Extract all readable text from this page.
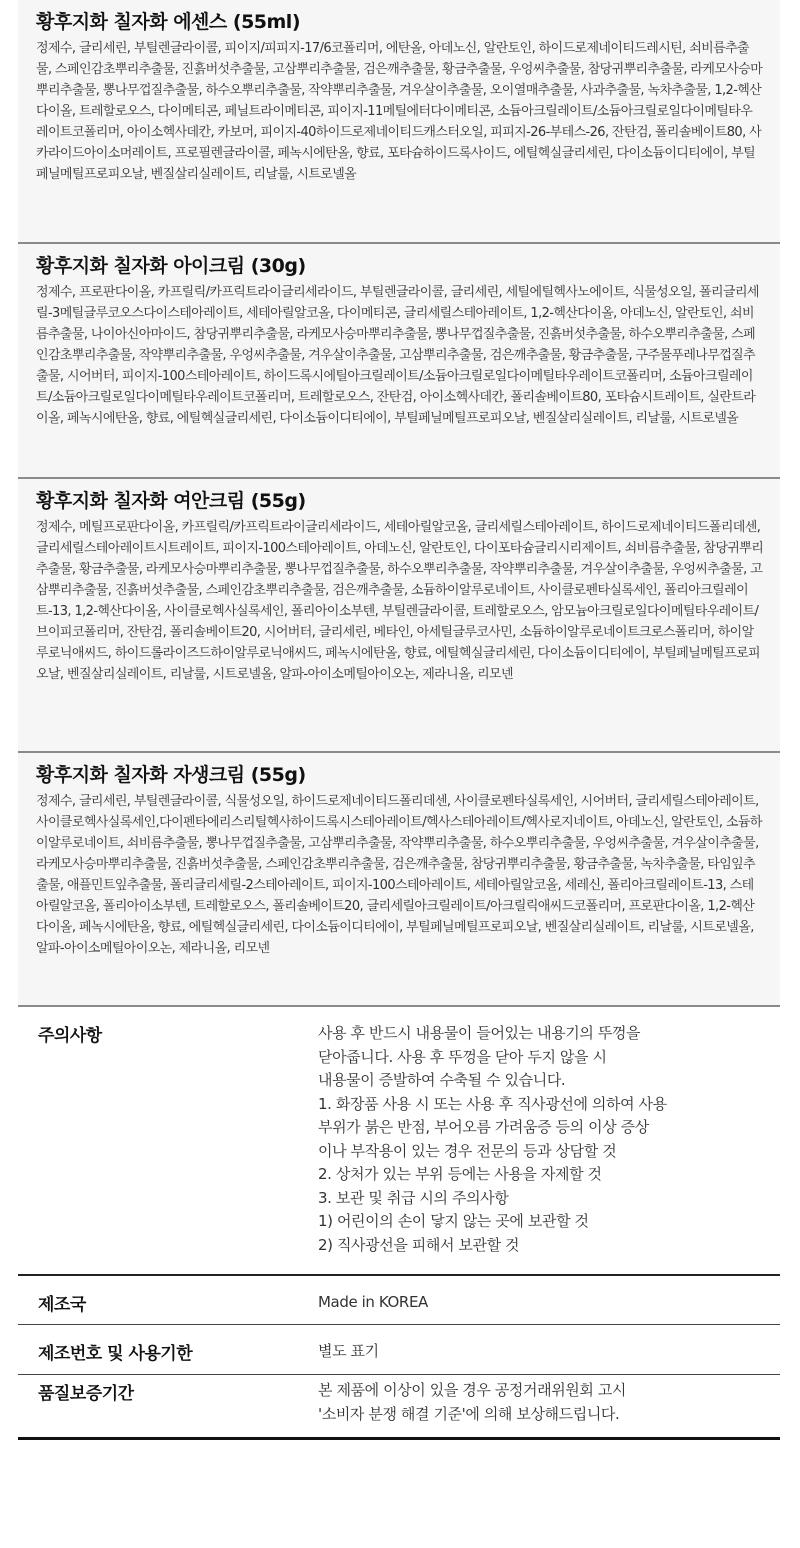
황후지화 칠자화 에센스 (55ml)

정제수, 글리세린, 부틸렌글라이콜, 피이지/피피지-17/6코폴리머, 에탄올, 아데노신, 알란토인, 하이드로제네이티드레시틴, 쇠비름추출물, 스페인감초뿌리추출물, 진흙버섯추출물, 고삼뿌리추출물, 검은깨추출물, 황금추출물, 우엉씨추출물, 참당귀뿌리추출물, 라케모사승마뿌리추출물, 뽕나무껍질추출물, 하수오뿌리추출물, 작약뿌리추출물, 겨우살이추출물, 오이열매추출물, 사과추출물, 녹차추출물, 1,2-헥산다이올, 트레할로오스, 다이메티콘, 페닐트라이메티콘, 피이지-11메틸에터다이메티콘, 소듐아크릴레이트/소듐아크릴로일다이메틸타우레이트코폴리머, 아이소헥사데칸, 카보머, 피이지-40하이드로제네이티드캐스터오일, 피피지-26-부테스-26, 잔탄검, 폴리솔베이트80, 사카라이드아이소머레이트, 프로필렌글라이콜, 페녹시에탄올, 향료, 포타슘하이드록사이드, 에틸헥실글리세린, 다이소듐이디티에이, 부틸페닐메틸프로피오날, 벤질살리실레이트, 리날룰, 시트로넬올

황후지화 칠자화 아이크림 (30g)

정제수, 프로판다이올, 카프릴릭/카프릭트라이글리세라이드, 부틸렌글라이콜, 글리세린, 세틸에틸헥사노에이트, 식물성오일, 폴리글리세릴-3메틸글루코오스다이스테아레이트, 세테아릴알코올, 다이메티콘, 글리세릴스테아레이트, 1,2-헥산다이올, 아데노신, 알란토인, 쇠비름추출물, 나이아신아마이드, 참당귀뿌리추출물, 라케모사승마뿌리추출물, 뽕나무껍질추출물, 진흙버섯추출물, 하수오뿌리추출물, 스페인감초뿌리추출물, 작약뿌리추출물, 우엉씨추출물, 겨우살이추출물, 고삼뿌리추출물, 검은깨추출물, 황금추출물, 구주물푸레나무껍질추출물, 시어버터, 피이지-100스테아레이트, 하이드록시에틸아크릴레이트/소듐아크릴로일다이메틸타우레이트코폴리머, 소듐아크릴레이트/소듐아크릴로일다이메틸타우레이트코폴리머, 트레할로오스, 잔탄검, 아이소헥사데칸, 폴리솔베이트80, 포타슘시트레이트, 실란트라이올, 페녹시에탄올, 향료, 에틸헥실글리세린, 다이소듐이디티에이, 부틸페닐메틸프로피오날, 벤질살리실레이트, 리날룰, 시트로넬올

황후지화 칠자화 여안크림 (55g)

정제수, 메틸프로판다이올, 카프릴릭/카프릭트라이글리세라이드, 세테아릴알코올, 글리세릴스테아레이트, 하이드로제네이티드폴리데센, 글리세릴스테아레이트시트레이트, 피이지-100스테아레이트, 아데노신, 알란토인, 다이포타슘글리시리제이트, 쇠비름추출물, 참당귀뿌리추출물, 황금추출물, 라케모사승마뿌리추출물, 뽕나무껍질추출물, 하수오뿌리추출물, 작약뿌리추출물, 겨우살이추출물, 우엉씨추출물, 고삼뿌리추출물, 진흙버섯추출물, 스페인감초뿌리추출물, 검은깨추출물, 소듐하이알루로네이트, 사이클로펜타실록세인, 폴리아크릴레이트-13, 1,2-헥산다이올, 사이클로헥사실록세인, 폴리아이소부텐, 부틸렌글라이콜, 트레할로오스, 암모늄아크릴로일다이메틸타우레이트/브이피코폴리머, 잔탄검, 폴리솔베이트20, 시어버터, 글리세린, 베타인, 아세틸글루코사민, 소듐하이알루로네이트크로스폴리머, 하이알루로닉애씨드, 하이드롤라이즈드하이알루로닉애씨드, 페녹시에탄올, 향료, 에틸헥실글리세린, 다이소듐이디티에이, 부틸페닐메틸프로피오날, 벤질살리실레이트, 리날룰, 시트로넬올, 알파-아이소메틸아이오논, 제라니올, 리모넨

황후지화 칠자화 자생크림 (55g)

정제수, 글리세린, 부틸렌글라이콜, 식물성오일, 하이드로제네이티드폴리데센, 사이클로펜타실록세인, 시어버터, 글리세릴스테아레이트,사이클로헥사실록세인,다이펜타에리스리틸헥사하이드록시스테아레이트/헥사스테아레이트/헥사로지네이트, 아데노신, 알란토인, 소듐하이알루로네이트, 쇠비름추출물, 뽕나무껍질추출물, 고삼뿌리추출물, 작약뿌리추출물, 하수오뿌리추출물, 우엉씨추출물, 겨우살이추출물, 라케모사승마뿌리추출물, 진흙버섯추출물, 스페인감초뿌리추출물, 검은깨추출물, 참당귀뿌리추출물, 황금추출물, 녹차추출물, 타임잎추출물, 애플민트잎추출물, 폴리글리세릴-2스테아레이트, 피이지-100스테아레이트, 세테아릴알코올, 세레신, 폴리아크릴레이트-13, 스테아릴알코올, 폴리아이소부텐, 트레할로오스, 폴리솔베이트20, 글리세릴아크릴레이트/아크릴릭애씨드코폴리머, 프로판다이올, 1,2-헥산다이올, 페녹시에탄올, 향료, 에틸헥실글리세린, 다이소듐이디티에이, 부틸페닐메틸프로피오날, 벤질살리실레이트, 리날룰, 시트로넬올, 알파-아이소메틸아이오논, 제라니올, 리모넨

주의사항	사용 후 반드시 내용물이 들어있는 내용기의 뚜껑을
닫아줍니다. 사용 후 뚜껑을 닫아 두지 않을 시
내용물이 증발하여 수축될 수 있습니다.
1. 화장품 사용 시 또는 사용 후 직사광선에 의하여 사용
부위가 붉은 반점, 부어오름 가려움증 등의 이상 증상
이나 부작용이 있는 경우 전문의 등과 상담할 것
2. 상처가 있는 부위 등에는 사용을 자제할 것
3. 보관 및 취급 시의 주의사항
1) 어린이의 손이 닿지 않는 곳에 보관할 것
2) 직사광선을 피해서 보관할 것
제조국	Made in KOREA
제조번호 및 사용기한	별도 표기
품질보증기간	본 제품에 이상이 있을 경우 공정거래위원회 고시
'소비자 분쟁 해결 기준'에 의해 보상해드립니다.
